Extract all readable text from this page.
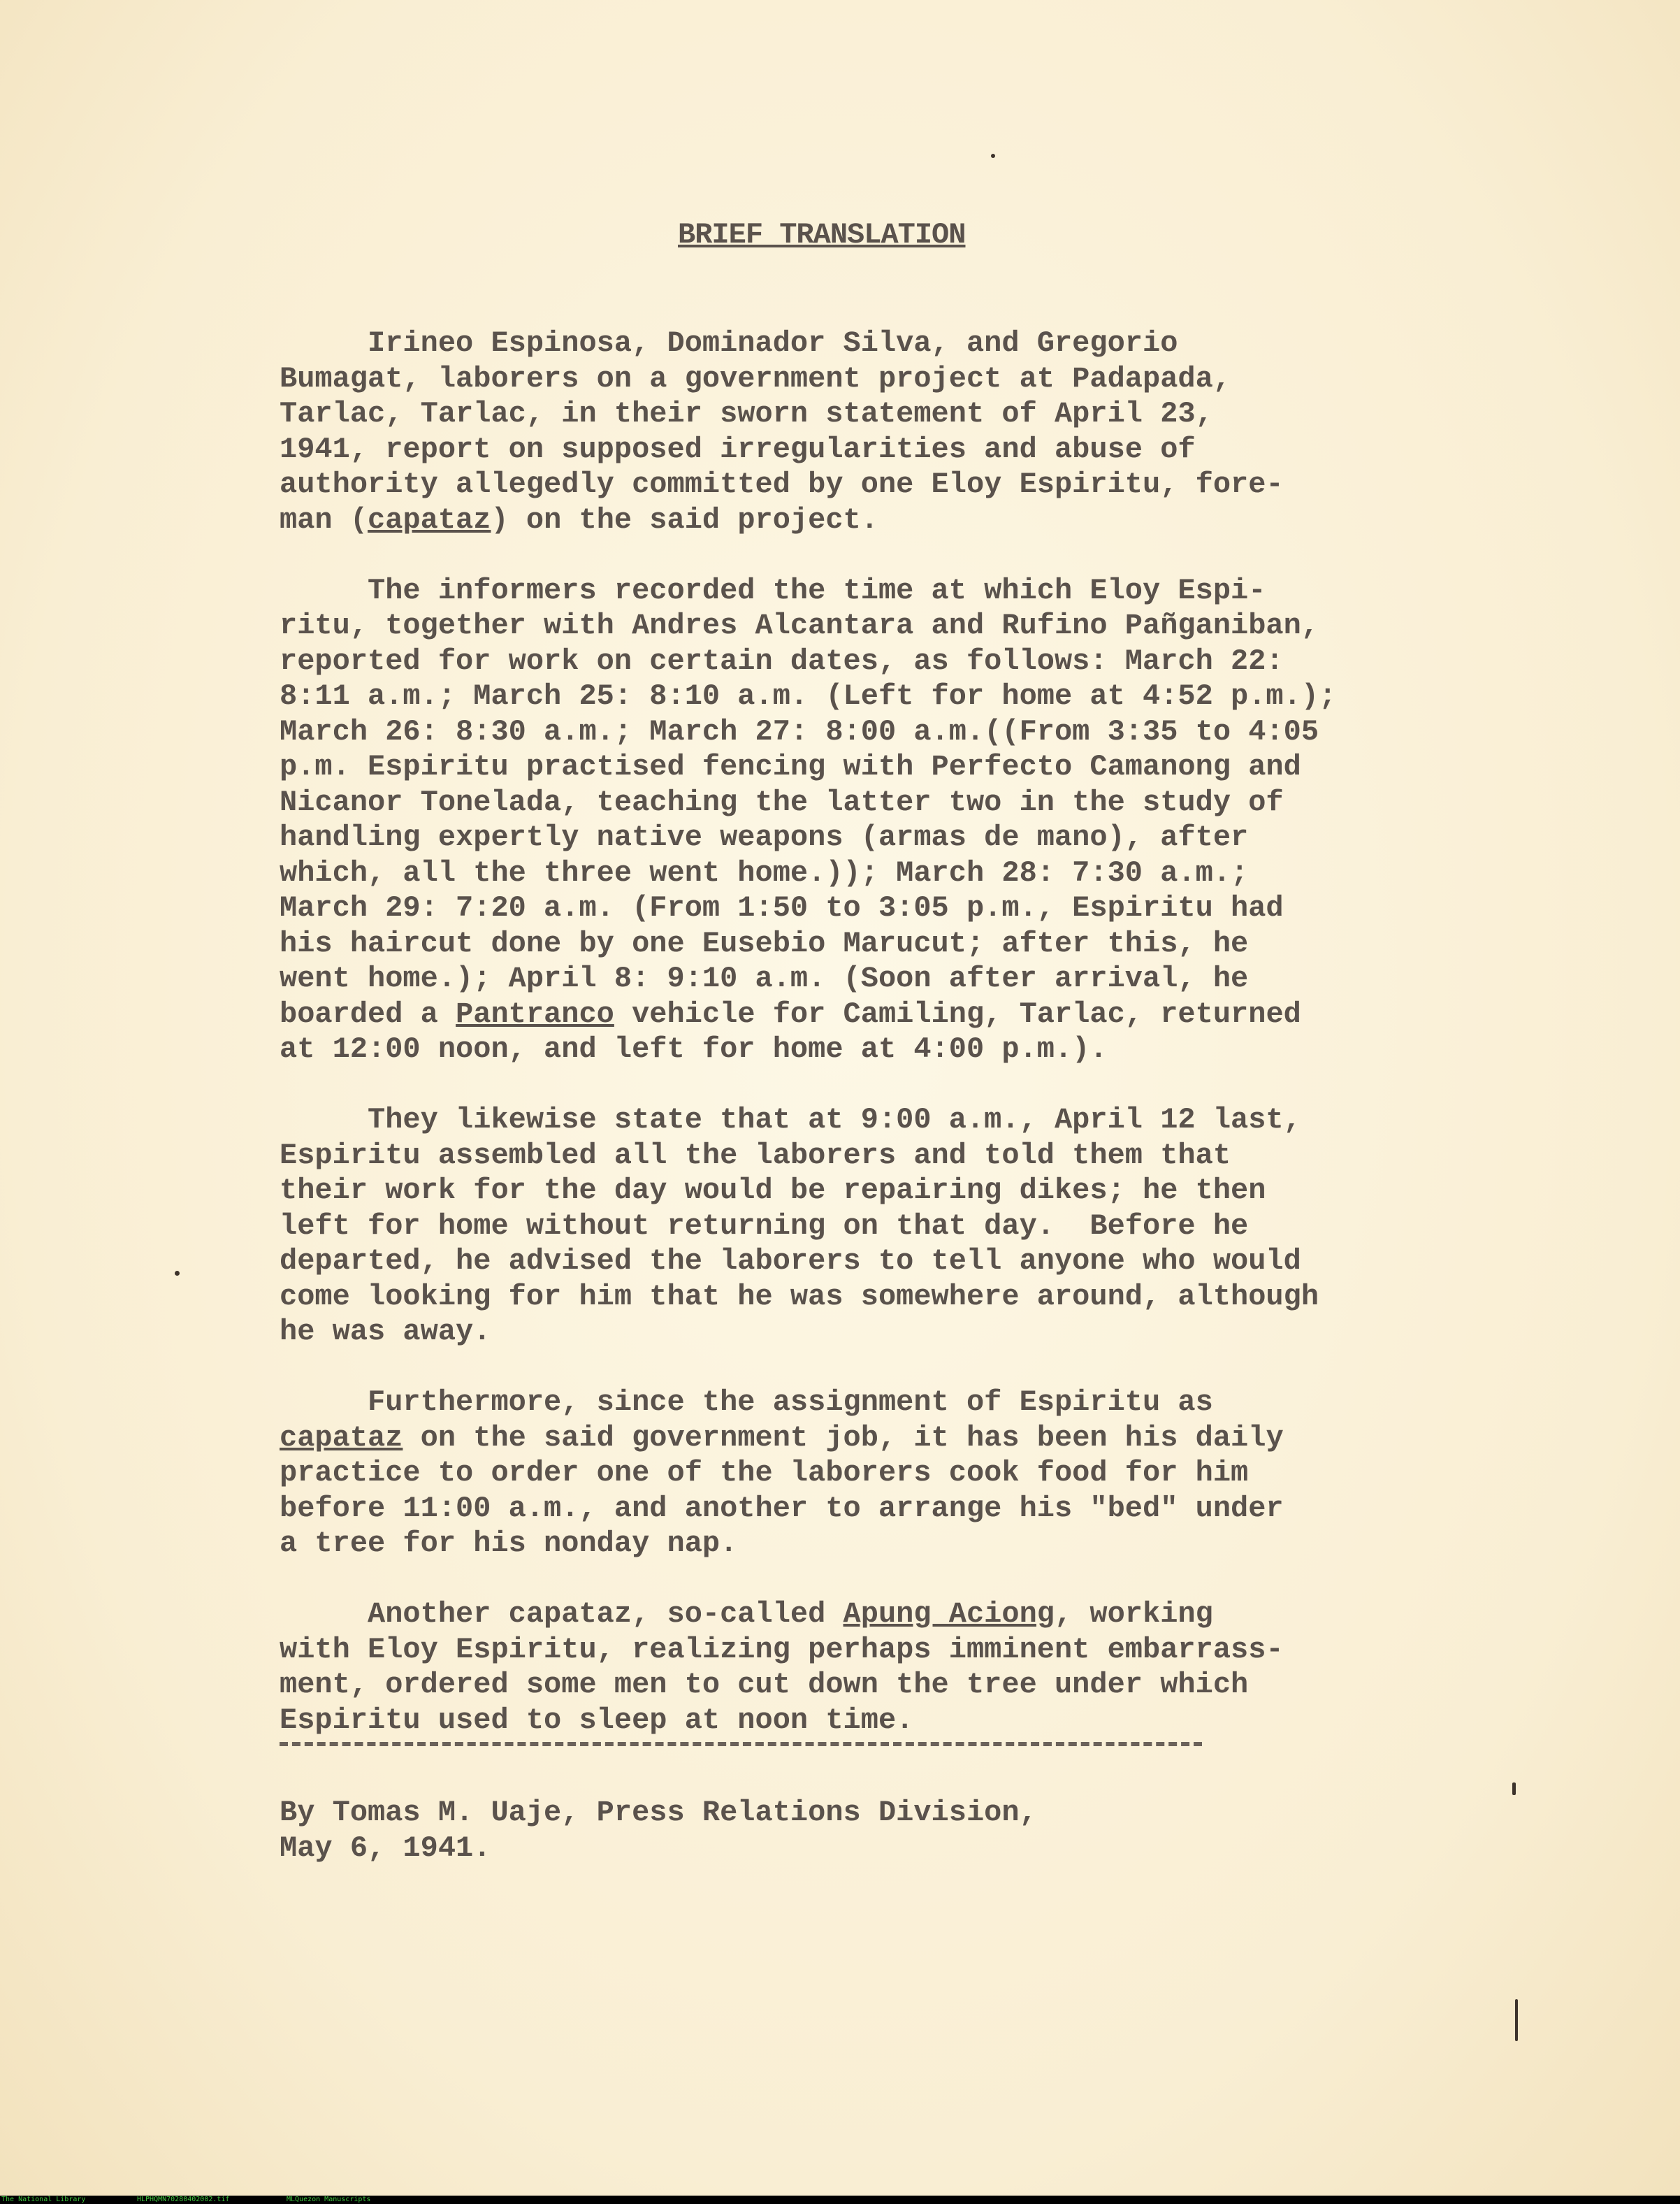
BRIEF TRANSLATION
Irineo Espinosa, Dominador Silva, and Gregorio
Bumagat, laborers on a government project at Padapada,
Tarlac, Tarlac, in their sworn statement of April 23,
1941, report on supposed irregularities and abuse of
authority allegedly committed by one Eloy Espiritu, fore-
man (capataz) on the said project.

The informers recorded the time at which Eloy Espi-
ritu, together with Andres Alcantara and Rufino Pañganiban,
reported for work on certain dates, as follows: March 22:
8:11 a.m.; March 25: 8:10 a.m. (Left for home at 4:52 p.m.);
March 26: 8:30 a.m.; March 27: 8:00 a.m.((From 3:35 to 4:05
p.m. Espiritu practised fencing with Perfecto Camanong and
Nicanor Tonelada, teaching the latter two in the study of
handling expertly native weapons (armas de mano), after
which, all the three went home.)); March 28: 7:30 a.m.;
March 29: 7:20 a.m. (From 1:50 to 3:05 p.m., Espiritu had
his haircut done by one Eusebio Marucut; after this, he
went home.); April 8: 9:10 a.m. (Soon after arrival, he
boarded a Pantranco vehicle for Camiling, Tarlac, returned
at 12:00 noon, and left for home at 4:00 p.m.).

They likewise state that at 9:00 a.m., April 12 last,
Espiritu assembled all the laborers and told them that
their work for the day would be repairing dikes; he then
left for home without returning on that day.  Before he
departed, he advised the laborers to tell anyone who would
come looking for him that he was somewhere around, although
he was away.

Furthermore, since the assignment of Espiritu as
capataz on the said government job, it has been his daily
practice to order one of the laborers cook food for him
before 11:00 a.m., and another to arrange his "bed" under
a tree for his nonday nap.

Another capataz, so-called Apung Aciong, working
with Eloy Espiritu, realizing perhaps imminent embarrass-
ment, ordered some men to cut down the tree under which
Espiritu used to sleep at noon time.
By Tomas M. Uaje, Press Relations Division,
May 6, 1941.
The National Library	HLPHQMN70280402002.tif	MLQuezon Manuscripts
